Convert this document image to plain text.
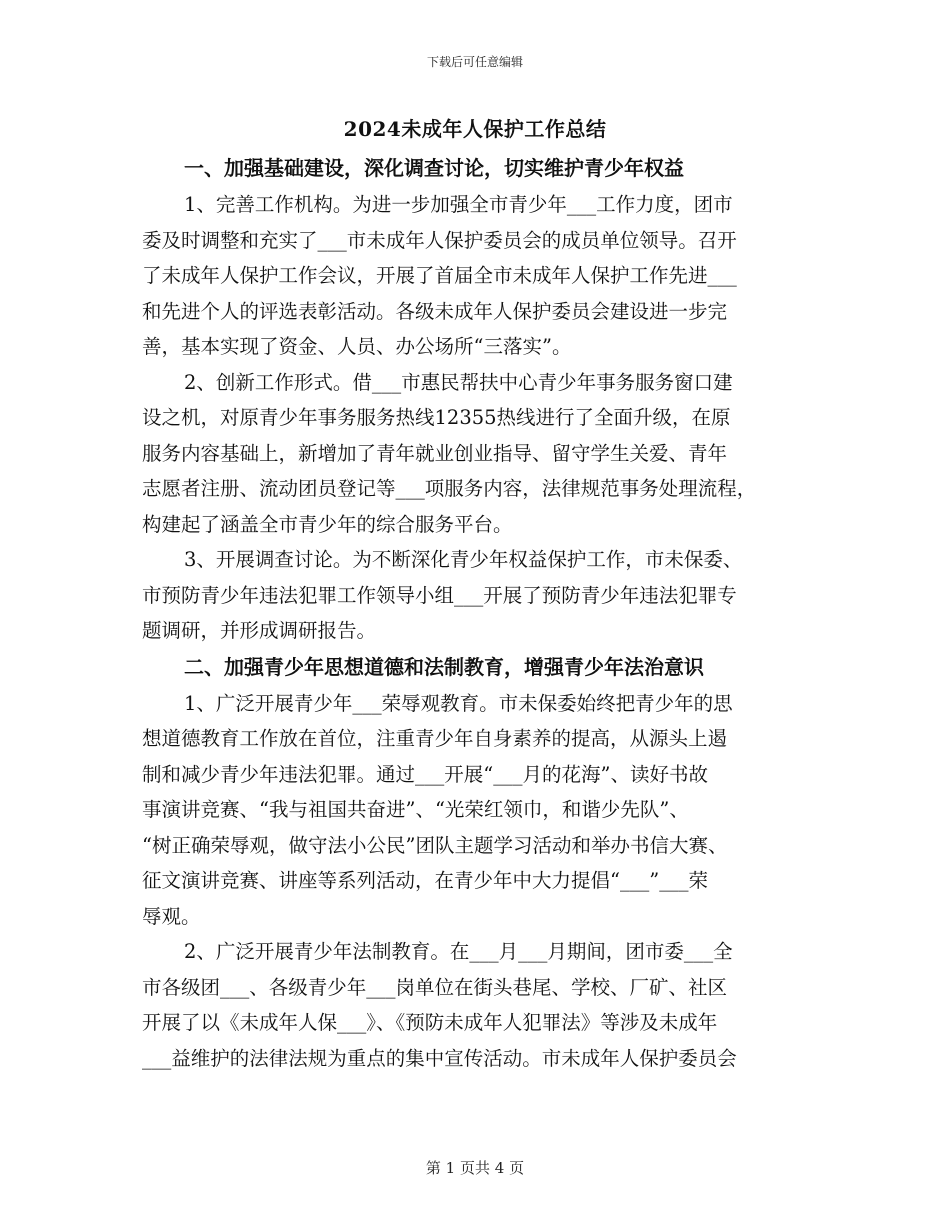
下载后可任意编辑
2024未成年人保护工作总结
一、加强基础建设，深化调查讨论，切实维护青少年权益
1、完善工作机构。为进一步加强全市青少年___工作力度，团市
委及时调整和充实了___市未成年人保护委员会的成员单位领导。召开
了未成年人保护工作会议，开展了首届全市未成年人保护工作先进___
和先进个人的评选表彰活动。各级未成年人保护委员会建设进一步完
善，基本实现了资金、人员、办公场所“三落实”。
2、创新工作形式。借___市惠民帮扶中心青少年事务服务窗口建
设之机，对原青少年事务服务热线12355热线进行了全面升级，在原
服务内容基础上，新增加了青年就业创业指导、留守学生关爱、青年
志愿者注册、流动团员登记等___项服务内容，法律规范事务处理流程，
构建起了涵盖全市青少年的综合服务平台。
3、开展调查讨论。为不断深化青少年权益保护工作，市未保委、
市预防青少年违法犯罪工作领导小组___开展了预防青少年违法犯罪专
题调研，并形成调研报告。
二、加强青少年思想道德和法制教育，增强青少年法治意识
1、广泛开展青少年___荣辱观教育。市未保委始终把青少年的思
想道德教育工作放在首位，注重青少年自身素养的提高，从源头上遏
制和减少青少年违法犯罪。通过___开展“___月的花海”、读好书故
事演讲竞赛、“我与祖国共奋进”、“光荣红领巾，和谐少先队”、
“树正确荣辱观，做守法小公民”团队主题学习活动和举办书信大赛、
征文演讲竞赛、讲座等系列活动，在青少年中大力提倡“___”___荣
辱观。
2、广泛开展青少年法制教育。在___月___月期间，团市委___全
市各级团___、各级青少年___岗单位在街头巷尾、学校、厂矿、社区
开展了以《未成年人保___》、《预防未成年人犯罪法》等涉及未成年
___益维护的法律法规为重点的集中宣传活动。市未成年人保护委员会
第 1 页共 4 页
